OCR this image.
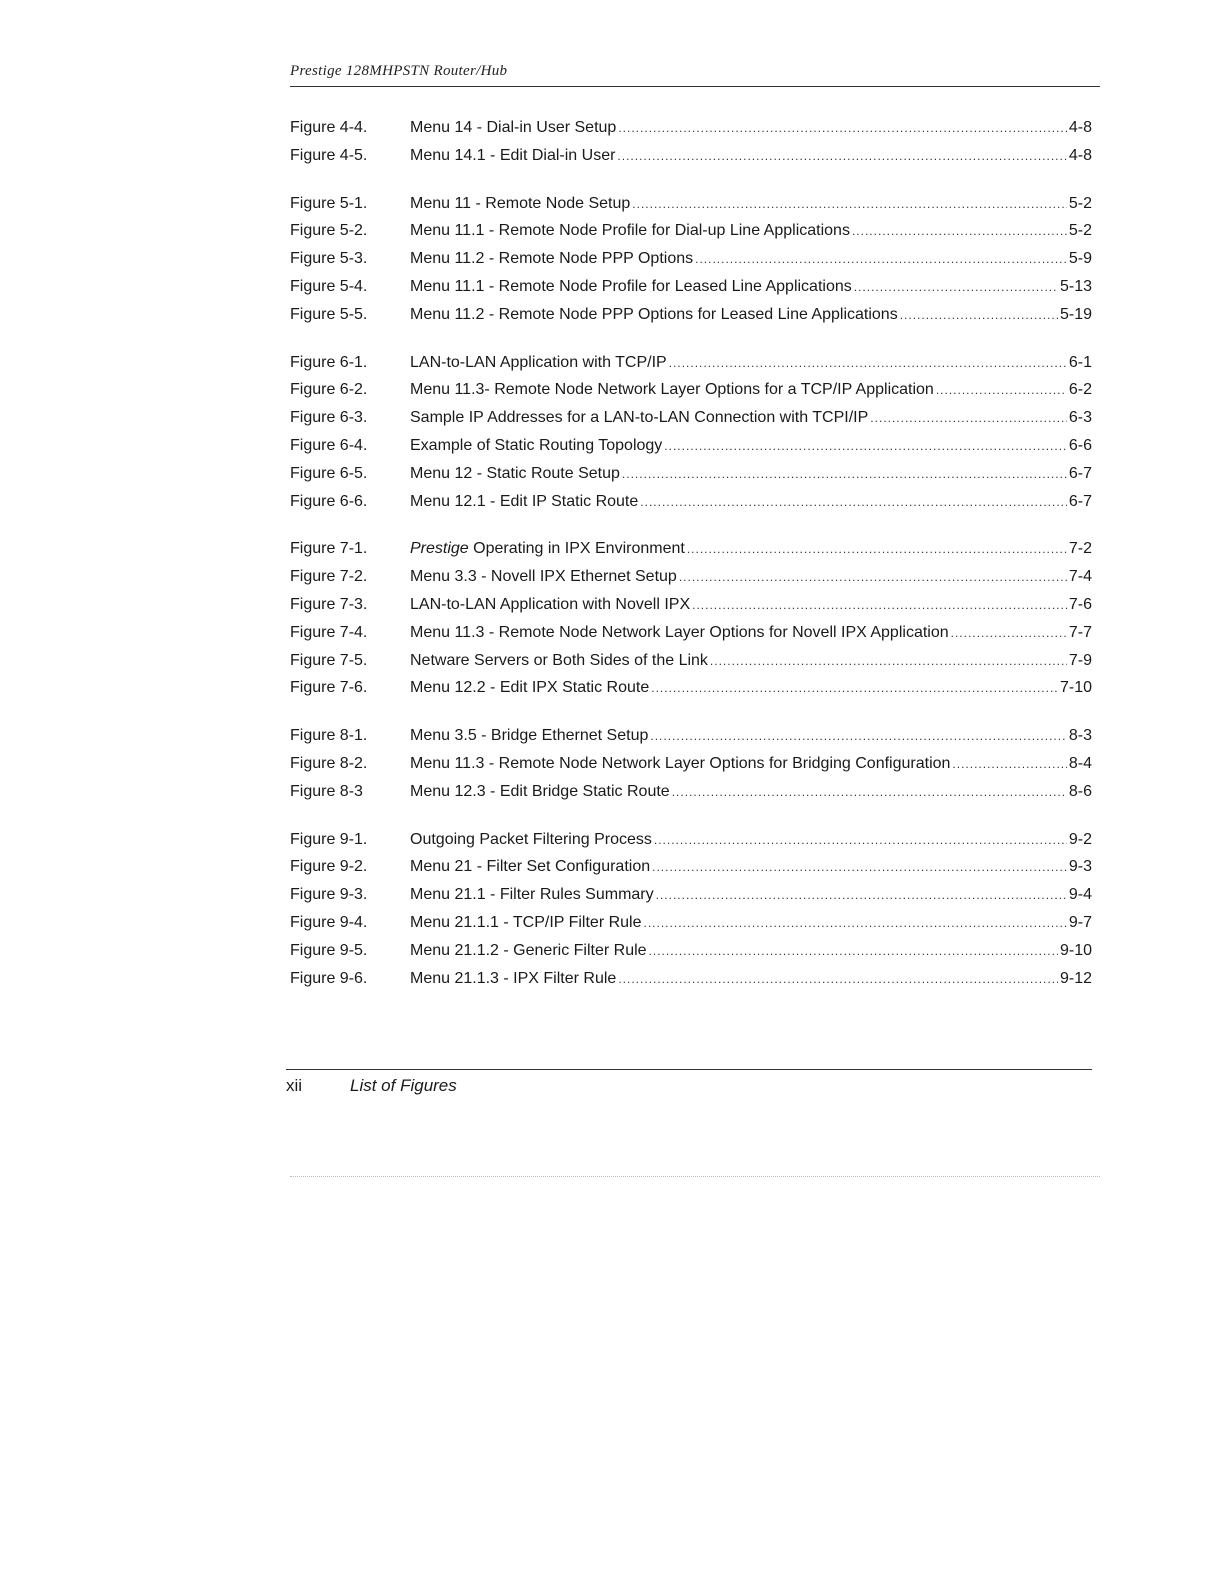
Prestige 128MHPSTN Router/Hub
Figure 4-4.	Menu 14 - Dial-in User Setup .....	4-8
Figure 4-5.	Menu 14.1 - Edit Dial-in User .....	4-8
Figure 5-1.	Menu 11 - Remote Node Setup .....	5-2
Figure 5-2.	Menu 11.1 - Remote Node Profile for Dial-up Line Applications .....	5-2
Figure 5-3.	Menu 11.2 - Remote Node PPP Options .....	5-9
Figure 5-4.	Menu 11.1 - Remote Node Profile for Leased Line Applications .....	5-13
Figure 5-5.	Menu 11.2 - Remote Node PPP Options for Leased Line Applications .....	5-19
Figure 6-1.	LAN-to-LAN Application with TCP/IP .....	6-1
Figure 6-2.	Menu 11.3- Remote Node Network Layer Options for a TCP/IP Application .....	6-2
Figure 6-3.	Sample IP Addresses for a LAN-to-LAN Connection with TCPI/IP .....	6-3
Figure 6-4.	Example of Static Routing Topology .....	6-6
Figure 6-5.	Menu 12 - Static Route Setup .....	6-7
Figure 6-6.	Menu 12.1 - Edit IP Static Route .....	6-7
Figure 7-1.	Prestige Operating in IPX Environment .....	7-2
Figure 7-2.	Menu 3.3 - Novell IPX Ethernet Setup .....	7-4
Figure 7-3.	LAN-to-LAN Application with Novell IPX .....	7-6
Figure 7-4.	Menu 11.3 - Remote Node Network Layer Options for Novell IPX Application .....	7-7
Figure 7-5.	Netware Servers or Both Sides of the Link .....	7-9
Figure 7-6.	Menu 12.2 - Edit IPX Static Route .....	7-10
Figure 8-1.	Menu 3.5 - Bridge Ethernet Setup .....	8-3
Figure 8-2.	Menu 11.3 - Remote Node Network Layer Options for Bridging Configuration .....	8-4
Figure 8-3	Menu 12.3 - Edit Bridge Static Route .....	8-6
Figure 9-1.	Outgoing Packet Filtering Process .....	9-2
Figure 9-2.	Menu 21 - Filter Set Configuration .....	9-3
Figure 9-3.	Menu 21.1 - Filter Rules Summary .....	9-4
Figure 9-4.	Menu 21.1.1 - TCP/IP Filter Rule .....	9-7
Figure 9-5.	Menu 21.1.2 - Generic Filter Rule .....	9-10
Figure 9-6.	Menu 21.1.3 - IPX Filter Rule .....	9-12
xii	List of Figures
